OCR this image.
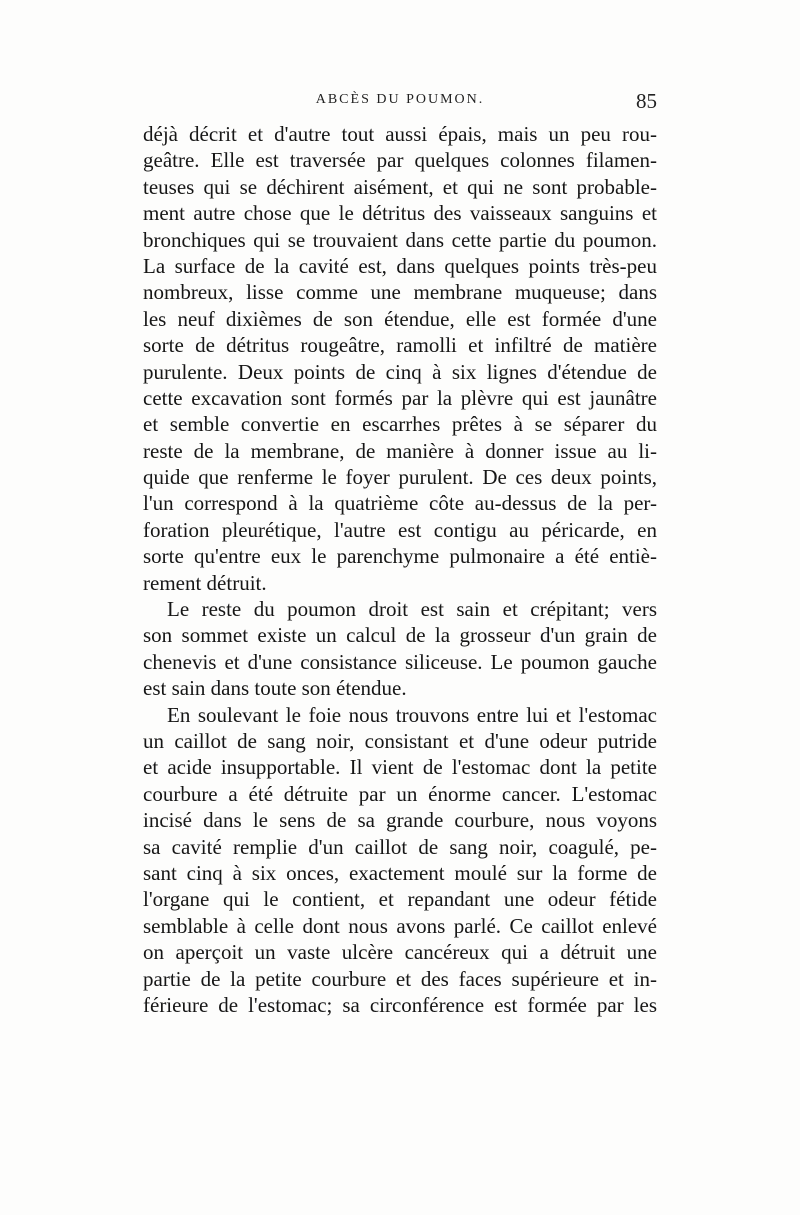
ABCÈS DU POUMON.	85
déjà décrit et d'autre tout aussi épais, mais un peu rou-
geâtre. Elle est traversée par quelques colonnes filamen-
teuses qui se déchirent aisément, et qui ne sont probable-
ment autre chose que le détritus des vaisseaux sanguins et
bronchiques qui se trouvaient dans cette partie du poumon.
La surface de la cavité est, dans quelques points très-peu
nombreux, lisse comme une membrane muqueuse; dans
les neuf dixièmes de son étendue, elle est formée d'une
sorte de détritus rougeâtre, ramolli et infiltré de matière
purulente. Deux points de cinq à six lignes d'étendue de
cette excavation sont formés par la plèvre qui est jaunâtre
et semble convertie en escarrhes prêtes à se séparer du
reste de la membrane, de manière à donner issue au li-
quide que renferme le foyer purulent. De ces deux points,
l'un correspond à la quatrième côte au-dessus de la per-
foration pleurétique, l'autre est contigu au péricarde, en
sorte qu'entre eux le parenchyme pulmonaire a été entiè-
rement détruit.
Le reste du poumon droit est sain et crépitant; vers
son sommet existe un calcul de la grosseur d'un grain de
chenevis et d'une consistance siliceuse. Le poumon gauche
est sain dans toute son étendue.
En soulevant le foie nous trouvons entre lui et l'estomac
un caillot de sang noir, consistant et d'une odeur putride
et acide insupportable. Il vient de l'estomac dont la petite
courbure a été détruite par un énorme cancer. L'estomac
incisé dans le sens de sa grande courbure, nous voyons
sa cavité remplie d'un caillot de sang noir, coagulé, pe-
sant cinq à six onces, exactement moulé sur la forme de
l'organe qui le contient, et repandant une odeur fétide
semblable à celle dont nous avons parlé. Ce caillot enlevé
on aperçoit un vaste ulcère cancéreux qui a détruit une
partie de la petite courbure et des faces supérieure et in-
férieure de l'estomac; sa circonférence est formée par les
